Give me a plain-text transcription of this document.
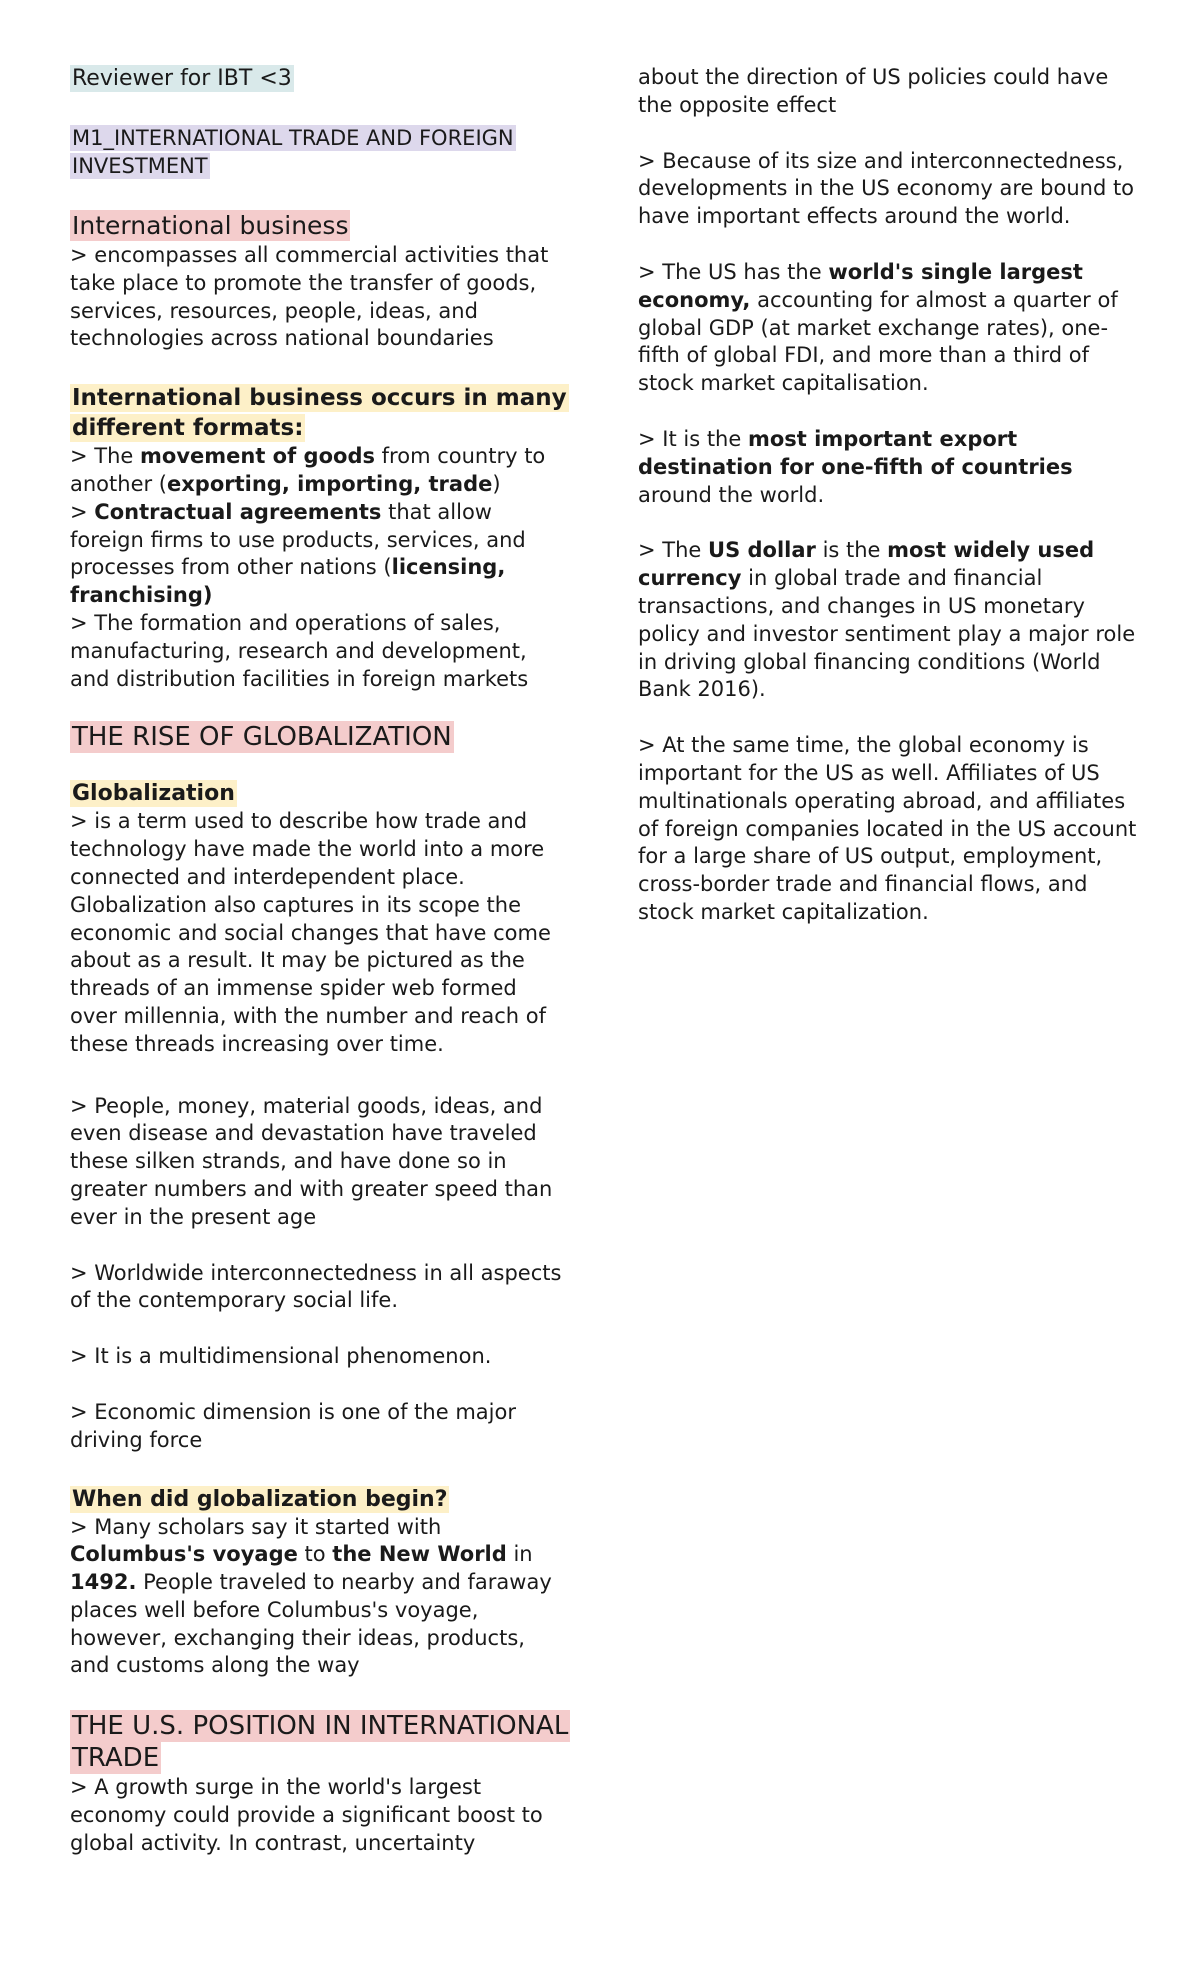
Reviewer for IBT <3

M1_INTERNATIONAL TRADE AND FOREIGN INVESTMENT

International business

> encompasses all commercial activities that take place to promote the transfer of goods, services, resources, people, ideas, and technologies across national boundaries

International business occurs in many different formats:

> The movement of goods from country to another (exporting, importing, trade)

> Contractual agreements that allow foreign firms to use products, services, and processes from other nations (licensing, franchising)

> The formation and operations of sales, manufacturing, research and development, and distribution facilities in foreign markets

THE RISE OF GLOBALIZATION

Globalization

> is a term used to describe how trade and technology have made the world into a more connected and interdependent place. Globalization also captures in its scope the economic and social changes that have come about as a result. It may be pictured as the threads of an immense spider web formed over millennia, with the number and reach of these threads increasing over time.

> People, money, material goods, ideas, and even disease and devastation have traveled these silken strands, and have done so in greater numbers and with greater speed than ever in the present age

> Worldwide interconnectedness in all aspects of the contemporary social life.

> It is a multidimensional phenomenon.

> Economic dimension is one of the major driving force

When did globalization begin?

> Many scholars say it started with Columbus's voyage to the New World in 1492. People traveled to nearby and faraway places well before Columbus's voyage, however, exchanging their ideas, products, and customs along the way

THE U.S. POSITION IN INTERNATIONAL TRADE

> A growth surge in the world's largest economy could provide a significant boost to global activity. In contrast, uncertainty

about the direction of US policies could have the opposite effect

> Because of its size and interconnectedness, developments in the US economy are bound to have important effects around the world.

> The US has the world's single largest economy, accounting for almost a quarter of global GDP (at market exchange rates), one-fifth of global FDI, and more than a third of stock market capitalisation.

> It is the most important export destination for one-fifth of countries around the world.

> The US dollar is the most widely used currency in global trade and financial transactions, and changes in US monetary policy and investor sentiment play a major role in driving global financing conditions (World Bank 2016).

> At the same time, the global economy is important for the US as well. Affiliates of US multinationals operating abroad, and affiliates of foreign companies located in the US account for a large share of US output, employment, cross-border trade and financial flows, and stock market capitalization.
